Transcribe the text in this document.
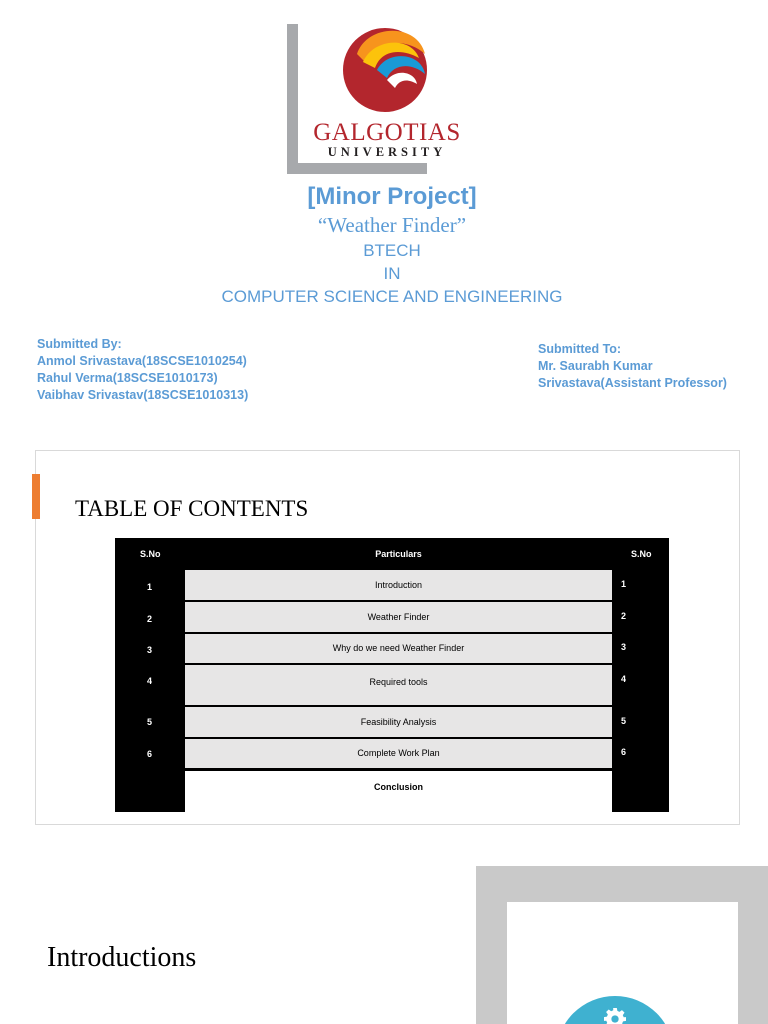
GALGOTIAS
UNIVERSITY
[Minor Project]
“Weather Finder”
BTECH
IN
COMPUTER SCIENCE AND ENGINEERING
Submitted By:
Anmol Srivastava(18SCSE1010254)
Rahul Verma(18SCSE1010173)
Vaibhav Srivastav(18SCSE1010313)
Submitted To:
Mr. Saurabh Kumar
Srivastava(Assistant Professor)
TABLE OF CONTENTS
S.No	Particulars	S.No
1	Introduction	1
2	Weather Finder	2
3	Why do we need Weather Finder	3
4	Required tools	4
5	Feasibility Analysis	5
6	Complete Work Plan	6
Conclusion
Introductions
